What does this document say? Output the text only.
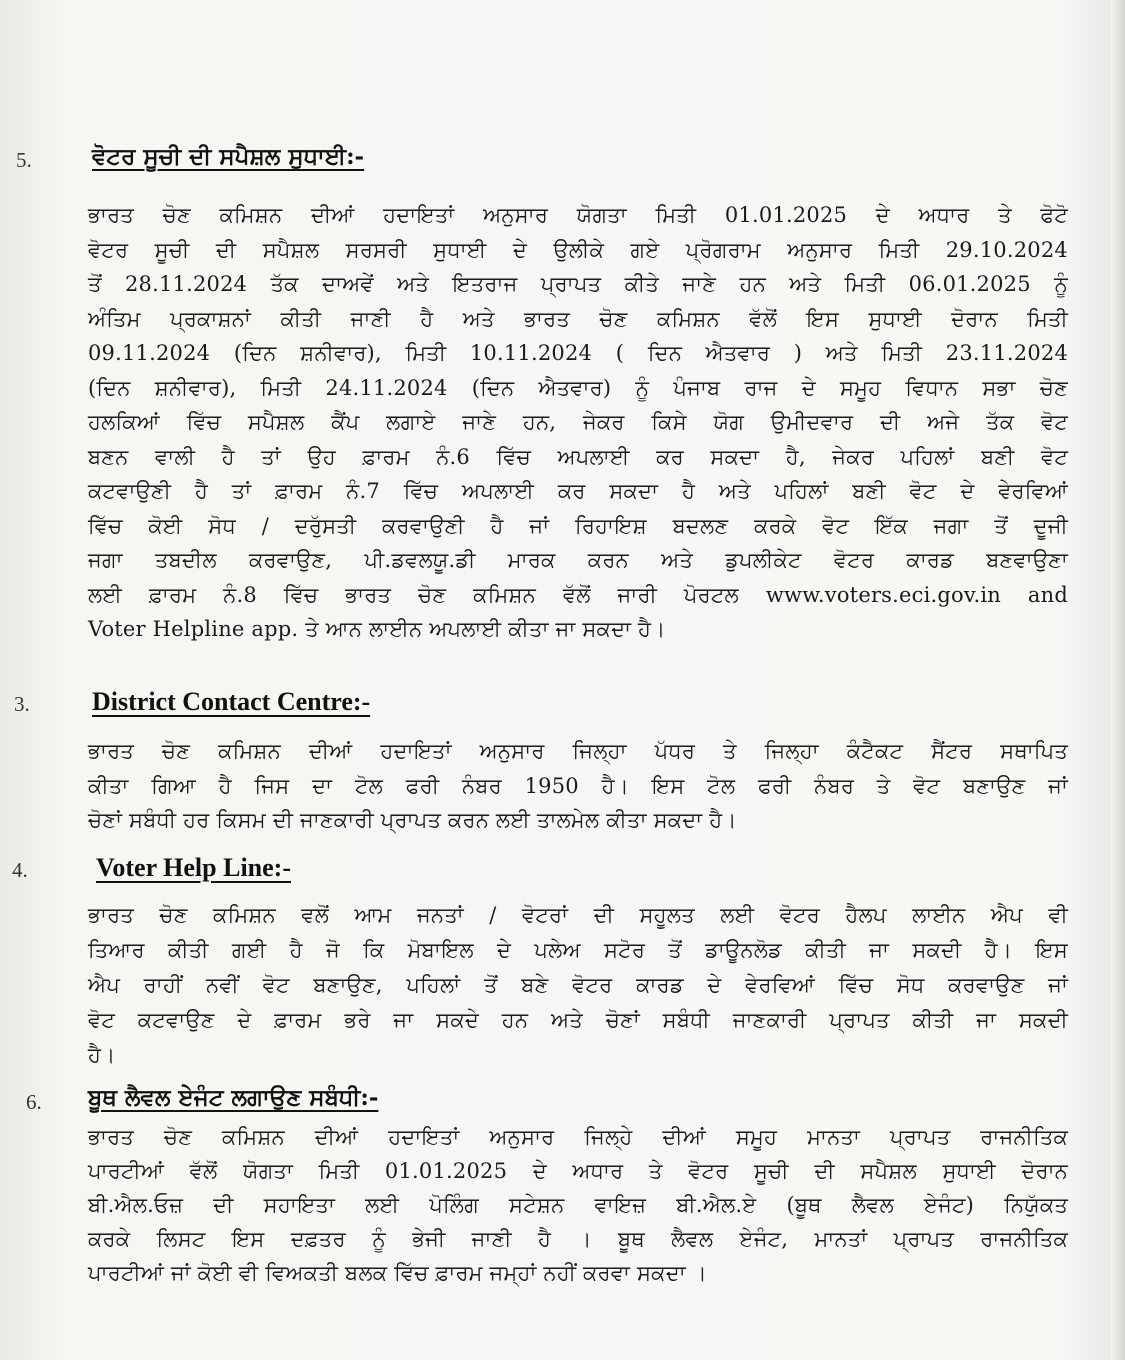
5.	ਵੋਟਰ ਸੂਚੀ ਦੀ ਸਪੈਸ਼ਲ ਸੁਧਾਈ:-
ਭਾਰਤ ਚੋਣ ਕਮਿਸ਼ਨ ਦੀਆਂ ਹਦਾਇਤਾਂ ਅਨੁਸਾਰ ਯੋਗਤਾ ਮਿਤੀ 01.01.2025 ਦੇ ਅਧਾਰ ਤੇ ਫੋਟੋ
ਵੋਟਰ ਸੂਚੀ ਦੀ ਸਪੈਸ਼ਲ ਸਰਸਰੀ ਸੁਧਾਈ ਦੇ ਉਲੀਕੇ ਗਏ ਪ੍ਰੋਗਰਾਮ ਅਨੁਸਾਰ ਮਿਤੀ 29.10.2024
ਤੋਂ 28.11.2024 ਤੱਕ ਦਾਅਵੇਂ ਅਤੇ ਇਤਰਾਜ ਪ੍ਰਾਪਤ ਕੀਤੇ ਜਾਣੇ ਹਨ ਅਤੇ ਮਿਤੀ 06.01.2025 ਨੂੰ
ਅੰਤਿਮ ਪ੍ਰਕਾਸ਼ਨਾਂ ਕੀਤੀ ਜਾਣੀ ਹੈ ਅਤੇ ਭਾਰਤ ਚੋਣ ਕਮਿਸ਼ਨ ਵੱਲੋਂ ਇਸ ਸੁਧਾਈ ਦੋਰਾਨ ਮਿਤੀ
09.11.2024 (ਦਿਨ ਸ਼ਨੀਵਾਰ), ਮਿਤੀ 10.11.2024 ( ਦਿਨ ਐਤਵਾਰ ) ਅਤੇ ਮਿਤੀ 23.11.2024
(ਦਿਨ ਸ਼ਨੀਵਾਰ), ਮਿਤੀ 24.11.2024 (ਦਿਨ ਐਤਵਾਰ) ਨੂੰ ਪੰਜਾਬ ਰਾਜ ਦੇ ਸਮੂਹ ਵਿਧਾਨ ਸਭਾ ਚੋਣ
ਹਲਕਿਆਂ ਵਿੱਚ ਸਪੈਸ਼ਲ ਕੈਂਪ ਲਗਾਏ ਜਾਣੇ ਹਨ, ਜੇਕਰ ਕਿਸੇ ਯੋਗ ਉਮੀਦਵਾਰ ਦੀ ਅਜੇ ਤੱਕ ਵੋਟ
ਬਣਨ ਵਾਲੀ ਹੈ ਤਾਂ ਉਹ ਫ਼ਾਰਮ ਨੰ.6 ਵਿੱਚ ਅਪਲਾਈ ਕਰ ਸਕਦਾ ਹੈ, ਜੇਕਰ ਪਹਿਲਾਂ ਬਣੀ ਵੋਟ
ਕਟਵਾਉਣੀ ਹੈ ਤਾਂ ਫ਼ਾਰਮ ਨੰ.7 ਵਿੱਚ ਅਪਲਾਈ ਕਰ ਸਕਦਾ ਹੈ ਅਤੇ ਪਹਿਲਾਂ ਬਣੀ ਵੋਟ ਦੇ ਵੇਰਵਿਆਂ
ਵਿੱਚ ਕੋਈ ਸੋਧ / ਦਰੁੱਸਤੀ ਕਰਵਾਉਣੀ ਹੈ ਜਾਂ ਰਿਹਾਇਸ਼ ਬਦਲਣ ਕਰਕੇ ਵੋਟ ਇੱਕ ਜਗਾ ਤੋਂ ਦੂਜੀ
ਜਗਾ ਤਬਦੀਲ ਕਰਵਾਉਣ, ਪੀ.ਡਵਲਯੂ.ਡੀ ਮਾਰਕ ਕਰਨ ਅਤੇ ਡੁਪਲੀਕੇਟ ਵੋਟਰ ਕਾਰਡ ਬਣਵਾਉਣਾ
ਲਈ ਫ਼ਾਰਮ ਨੰ.8 ਵਿੱਚ ਭਾਰਤ ਚੋਣ ਕਮਿਸ਼ਨ ਵੱਲੋਂ ਜਾਰੀ ਪੋਰਟਲ www.voters.eci.gov.in and
Voter Helpline app. ਤੇ ਆਨ ਲਾਈਨ ਅਪਲਾਈ ਕੀਤਾ ਜਾ ਸਕਦਾ ਹੈ।
3. District Contact Centre:-
ਭਾਰਤ ਚੋਣ ਕਮਿਸ਼ਨ ਦੀਆਂ ਹਦਾਇਤਾਂ ਅਨੁਸਾਰ ਜਿਲ੍ਹਾ ਪੱਧਰ ਤੇ ਜਿਲ੍ਹਾ ਕੰਟੈਕਟ ਸੈਂਟਰ ਸਥਾਪਿਤ
ਕੀਤਾ ਗਿਆ ਹੈ ਜਿਸ ਦਾ ਟੋਲ ਫਰੀ ਨੰਬਰ 1950 ਹੈ। ਇਸ ਟੋਲ ਫਰੀ ਨੰਬਰ ਤੇ ਵੋਟ ਬਣਾਉਣ ਜਾਂ
ਚੋਣਾਂ ਸਬੰਧੀ ਹਰ ਕਿਸਮ ਦੀ ਜਾਣਕਾਰੀ ਪ੍ਰਾਪਤ ਕਰਨ ਲਈ ਤਾਲਮੇਲ ਕੀਤਾ ਸਕਦਾ ਹੈ।
4.	Voter Help Line:-
ਭਾਰਤ ਚੋਣ ਕਮਿਸ਼ਨ ਵਲੋਂ ਆਮ ਜਨਤਾਂ / ਵੋਟਰਾਂ ਦੀ ਸਹੂਲਤ ਲਈ ਵੋਟਰ ਹੈਲਪ ਲਾਈਨ ਐਪ ਵੀ
ਤਿਆਰ ਕੀਤੀ ਗਈ ਹੈ ਜੋ ਕਿ ਮੋਬਾਇਲ ਦੇ ਪਲੇਅ ਸਟੋਰ ਤੋਂ ਡਾਊਨਲੋਡ ਕੀਤੀ ਜਾ ਸਕਦੀ ਹੈ। ਇਸ
ਐਪ ਰਾਹੀਂ ਨਵੀਂ ਵੋਟ ਬਣਾਉਣ, ਪਹਿਲਾਂ ਤੋਂ ਬਣੇ ਵੋਟਰ ਕਾਰਡ ਦੇ ਵੇਰਵਿਆਂ ਵਿੱਚ ਸੋਧ ਕਰਵਾਉਣ ਜਾਂ
ਵੋਟ ਕਟਵਾਉਣ ਦੇ ਫ਼ਾਰਮ ਭਰੇ ਜਾ ਸਕਦੇ ਹਨ ਅਤੇ ਚੋਣਾਂ ਸਬੰਧੀ ਜਾਣਕਾਰੀ ਪ੍ਰਾਪਤ ਕੀਤੀ ਜਾ ਸਕਦੀ
ਹੈ।
6. ਬੂਥ ਲੈਵਲ ਏਜੰਟ ਲਗਾਉਣ ਸਬੰਧੀ:-
ਭਾਰਤ ਚੋਣ ਕਮਿਸ਼ਨ ਦੀਆਂ ਹਦਾਇਤਾਂ ਅਨੁਸਾਰ ਜਿਲ੍ਹੇ ਦੀਆਂ ਸਮੂਹ ਮਾਨਤਾ ਪ੍ਰਾਪਤ ਰਾਜਨੀਤਿਕ
ਪਾਰਟੀਆਂ ਵੱਲੋਂ ਯੋਗਤਾ ਮਿਤੀ 01.01.2025 ਦੇ ਅਧਾਰ ਤੇ ਵੋਟਰ ਸੂਚੀ ਦੀ ਸਪੈਸ਼ਲ ਸੁਧਾਈ ਦੋਰਾਨ
ਬੀ.ਐਲ.ਓਜ਼ ਦੀ ਸਹਾਇਤਾ ਲਈ ਪੋਲਿੰਗ ਸਟੇਸ਼ਨ ਵਾਇਜ਼ ਬੀ.ਐਲ.ਏ (ਬੂਥ ਲੈਵਲ ਏਜੰਟ) ਨਿਯੁੱਕਤ
ਕਰਕੇ ਲਿਸਟ ਇਸ ਦਫ਼ਤਰ ਨੂੰ ਭੇਜੀ ਜਾਣੀ ਹੈ । ਬੂਥ ਲੈਵਲ ਏਜੰਟ, ਮਾਨਤਾਂ ਪ੍ਰਾਪਤ ਰਾਜਨੀਤਿਕ
ਪਾਰਟੀਆਂ ਜਾਂ ਕੋਈ ਵੀ ਵਿਅਕਤੀ ਬਲਕ ਵਿੱਚ ਫ਼ਾਰਮ ਜਮ੍ਹਾਂ ਨਹੀਂ ਕਰਵਾ ਸਕਦਾ ।
